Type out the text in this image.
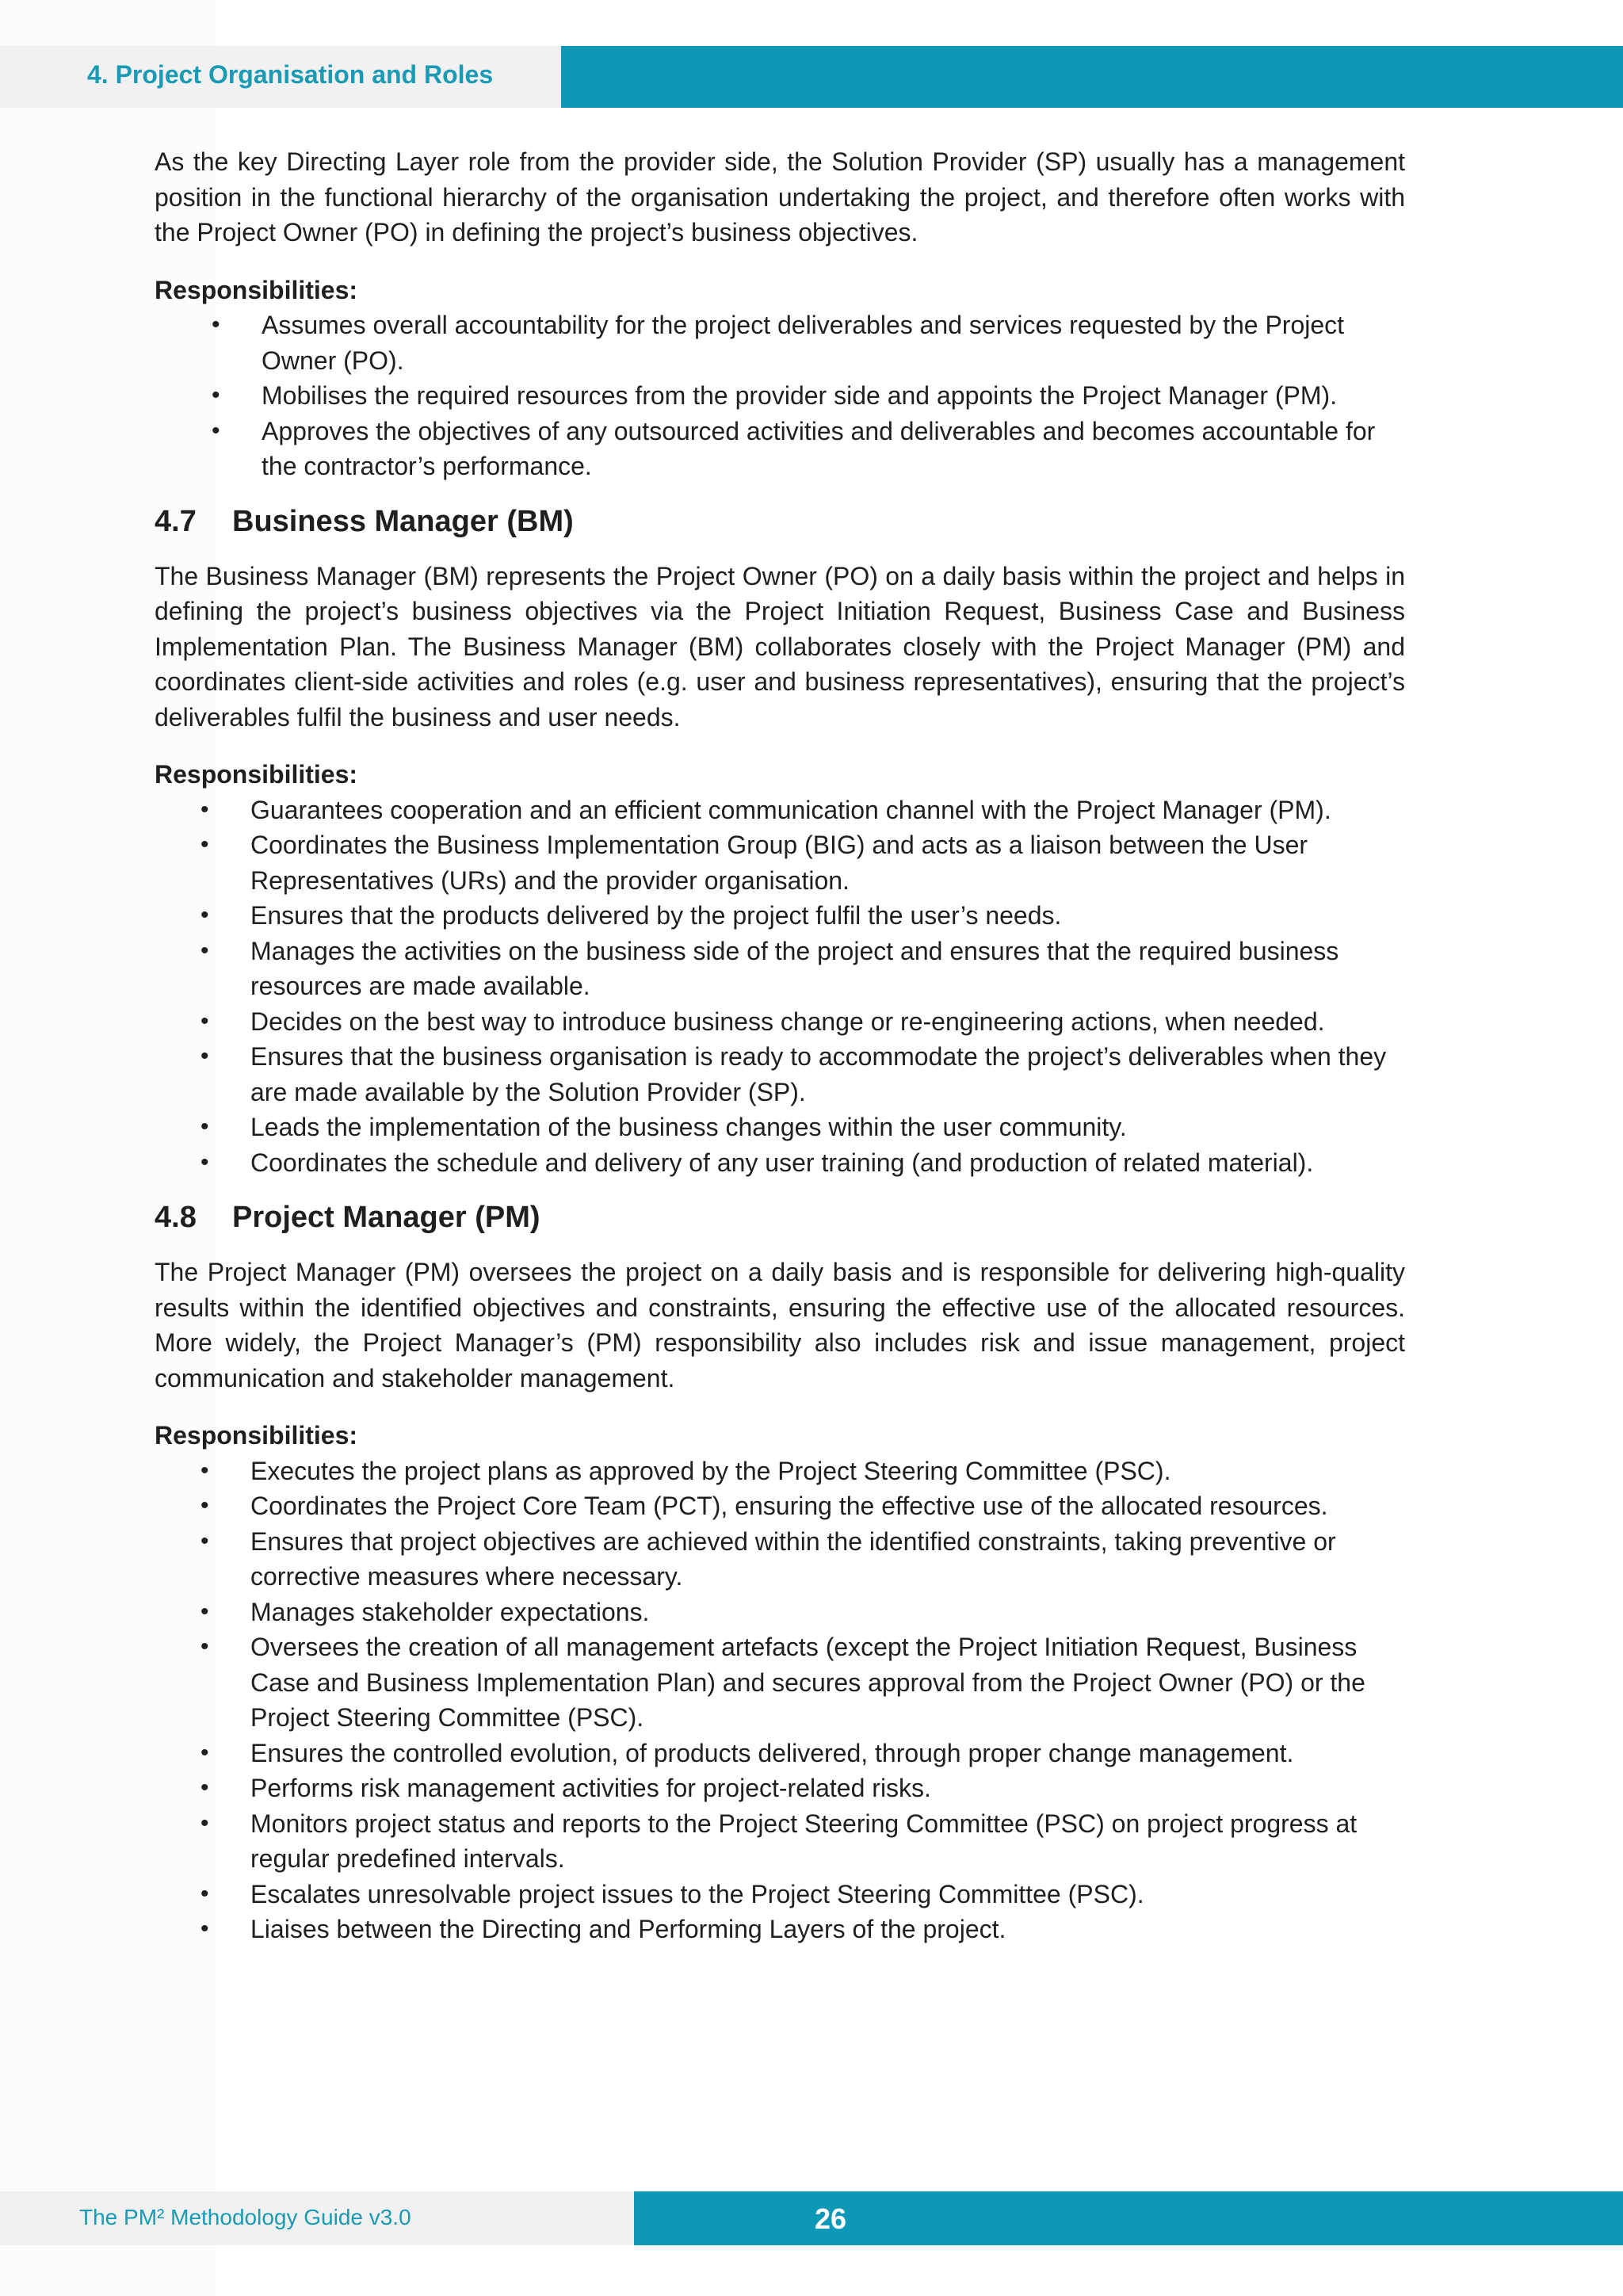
4. Project Organisation and Roles

As the key Directing Layer role from the provider side, the Solution Provider (SP) usually has a management position in the functional hierarchy of the organisation undertaking the project, and therefore often works with the Project Owner (PO) in defining the project’s business objectives.

Responsibilities:
• Assumes overall accountability for the project deliverables and services requested by the Project Owner (PO).
• Mobilises the required resources from the provider side and appoints the Project Manager (PM).
• Approves the objectives of any outsourced activities and deliverables and becomes accountable for the contractor’s performance.
4.7 Business Manager (BM)

The Business Manager (BM) represents the Project Owner (PO) on a daily basis within the project and helps in defining the project’s business objectives via the Project Initiation Request, Business Case and Business Implementation Plan. The Business Manager (BM) collaborates closely with the Project Manager (PM) and coordinates client-side activities and roles (e.g. user and business representatives), ensuring that the project’s deliverables fulfil the business and user needs.

Responsibilities:
• Guarantees cooperation and an efficient communication channel with the Project Manager (PM).
• Coordinates the Business Implementation Group (BIG) and acts as a liaison between the User Representatives (URs) and the provider organisation.
• Ensures that the products delivered by the project fulfil the user’s needs.
• Manages the activities on the business side of the project and ensures that the required business resources are made available.
• Decides on the best way to introduce business change or re-engineering actions, when needed.
• Ensures that the business organisation is ready to accommodate the project’s deliverables when they are made available by the Solution Provider (SP).
• Leads the implementation of the business changes within the user community.
• Coordinates the schedule and delivery of any user training (and production of related material).
4.8 Project Manager (PM)

The Project Manager (PM) oversees the project on a daily basis and is responsible for delivering high-quality results within the identified objectives and constraints, ensuring the effective use of the allocated resources. More widely, the Project Manager’s (PM) responsibility also includes risk and issue management, project communication and stakeholder management.

Responsibilities:
• Executes the project plans as approved by the Project Steering Committee (PSC).
• Coordinates the Project Core Team (PCT), ensuring the effective use of the allocated resources.
• Ensures that project objectives are achieved within the identified constraints, taking preventive or corrective measures where necessary.
• Manages stakeholder expectations.
• Oversees the creation of all management artefacts (except the Project Initiation Request, Business Case and Business Implementation Plan) and secures approval from the Project Owner (PO) or the Project Steering Committee (PSC).
• Ensures the controlled evolution, of products delivered, through proper change management.
• Performs risk management activities for project-related risks.
• Monitors project status and reports to the Project Steering Committee (PSC) on project progress at regular predefined intervals.
• Escalates unresolvable project issues to the Project Steering Committee (PSC).
• Liaises between the Directing and Performing Layers of the project.
The PM² Methodology Guide v3.0	26
